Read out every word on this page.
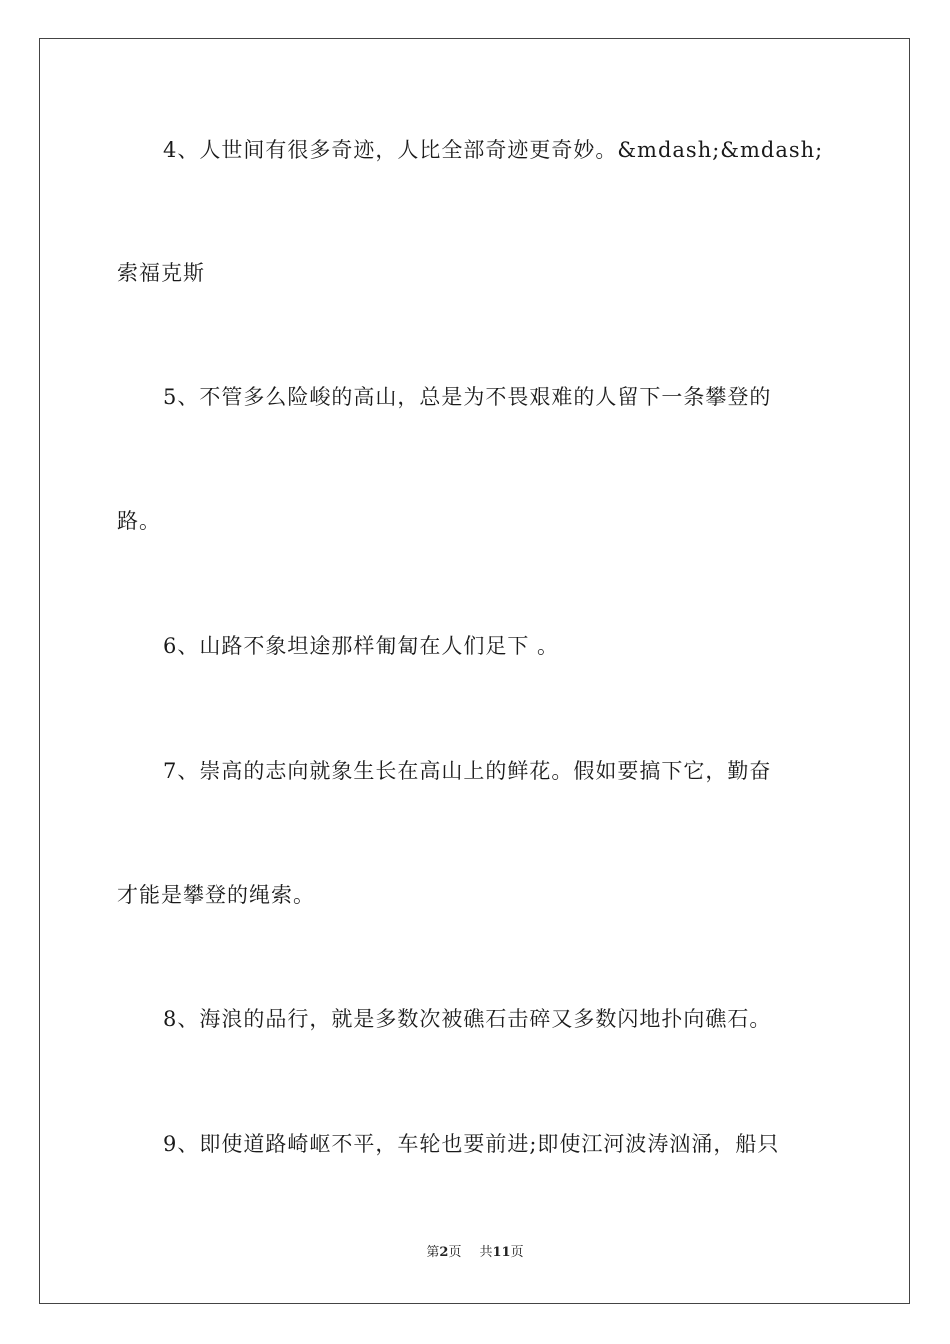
4、人世间有很多奇迹，人比全部奇迹更奇妙。&mdash;&mdash;
索福克斯
5、不管多么险峻的高山，总是为不畏艰难的人留下一条攀登的
路。
6、山路不象坦途那样匍匐在人们足下 。
7、崇高的志向就象生长在高山上的鲜花。假如要搞下它，勤奋
才能是攀登的绳索。
8、海浪的品行，就是多数次被礁石击碎又多数闪地扑向礁石。
9、即使道路崎岖不平，车轮也要前进;即使江河波涛汹涌，船只
第2页 共11页
